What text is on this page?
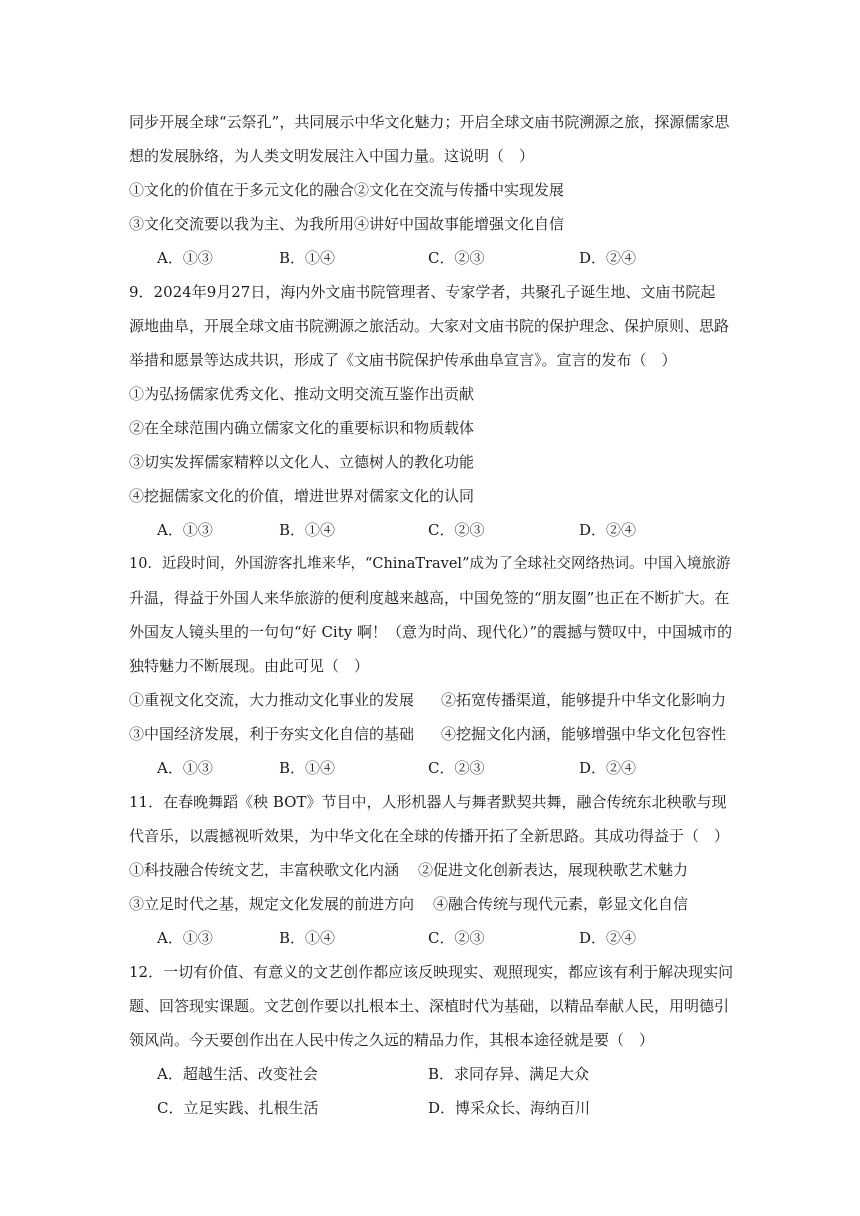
同步开展全球“云祭孔”，共同展示中华文化魅力；开启全球文庙书院溯源之旅，探源儒家思
想的发展脉络，为人类文明发展注入中国力量。这说明（　）
①文化的价值在于多元文化的融合②文化在交流与传播中实现发展
③文化交流要以我为主、为我所用④讲好中国故事能增强文化自信
A．①③	B．①④	C．②③	D．②④
9．2024年9月27日，海内外文庙书院管理者、专家学者，共聚孔子诞生地、文庙书院起
源地曲阜，开展全球文庙书院溯源之旅活动。大家对文庙书院的保护理念、保护原则、思路
举措和愿景等达成共识，形成了《文庙书院保护传承曲阜宣言》。宣言的发布（　）
①为弘扬儒家优秀文化、推动文明交流互鉴作出贡献
②在全球范围内确立儒家文化的重要标识和物质载体
③切实发挥儒家精粹以文化人、立德树人的教化功能
④挖掘儒家文化的价值，增进世界对儒家文化的认同
A．①③	B．①④	C．②③	D．②④
10．近段时间，外国游客扎堆来华，“ChinaTravel”成为了全球社交网络热词。中国入境旅游
升温，得益于外国人来华旅游的便利度越来越高，中国免签的“朋友圈”也正在不断扩大。在
外国友人镜头里的一句句“好 City 啊！（意为时尚、现代化）”的震撼与赞叹中，中国城市的
独特魅力不断展现。由此可见（　）
①重视文化交流，大力推动文化事业的发展 ②拓宽传播渠道，能够提升中华文化影响力
③中国经济发展，利于夯实文化自信的基础 ④挖掘文化内涵，能够增强中华文化包容性
A．①③	B．①④	C．②③	D．②④
11．在春晚舞蹈《秧 BOT》节目中，人形机器人与舞者默契共舞，融合传统东北秧歌与现
代音乐，以震撼视听效果，为中华文化在全球的传播开拓了全新思路。其成功得益于（　）
①科技融合传统文艺，丰富秧歌文化内涵 ②促进文化创新表达，展现秧歌艺术魅力
③立足时代之基，规定文化发展的前进方向 ④融合传统与现代元素，彰显文化自信
A．①③	B．①④	C．②③	D．②④
12．一切有价值、有意义的文艺创作都应该反映现实、观照现实，都应该有利于解决现实问
题、回答现实课题。文艺创作要以扎根本土、深植时代为基础，以精品奉献人民，用明德引
领风尚。今天要创作出在人民中传之久远的精品力作，其根本途径就是要（　）
A．超越生活、改变社会	B．求同存异、满足大众
C．立足实践、扎根生活	D．博采众长、海纳百川
